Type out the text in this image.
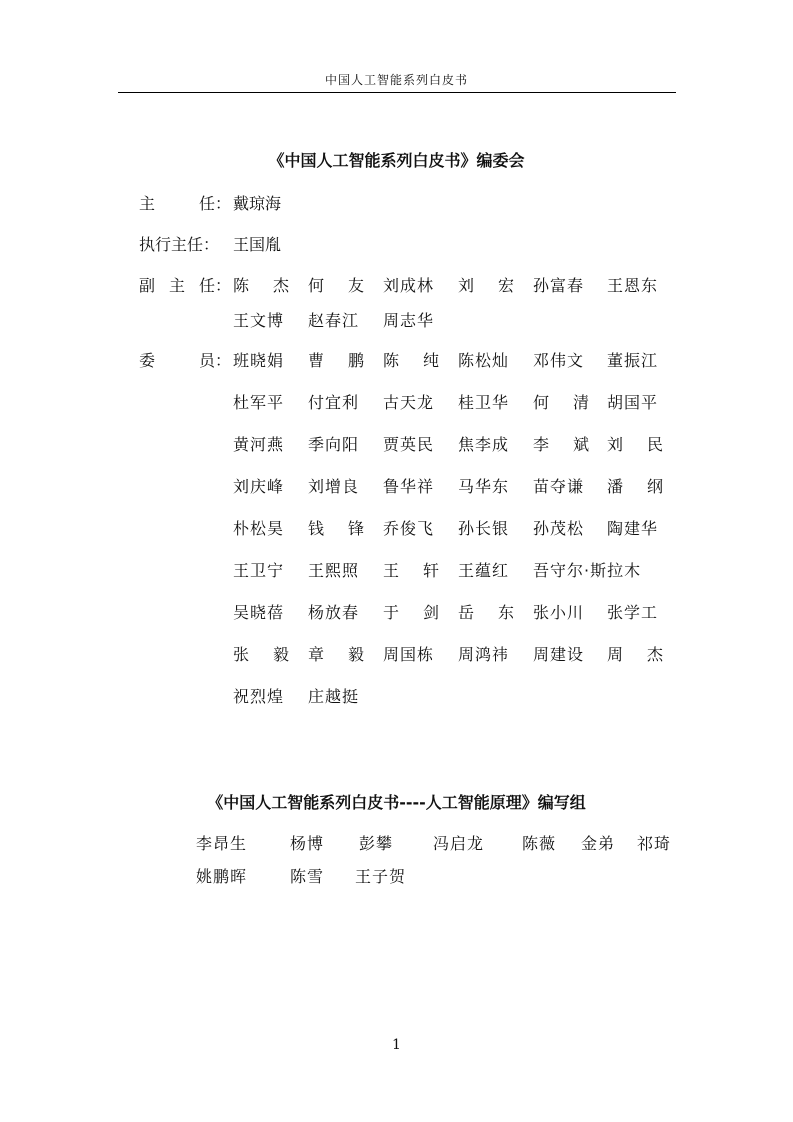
中国人工智能系列白皮书
《中国人工智能系列白皮书》编委会
主	任： 戴琼海
执行主任： 王国胤
副 主 任： 陈 杰 何 友 刘成林 刘 宏 孙富春 王恩东
王文博 赵春江 周志华
委	员： 班晓娟 曹 鹏 陈 纯 陈松灿 邓伟文 董振江
杜军平 付宜利 古天龙 桂卫华 何 清 胡国平
黄河燕 季向阳 贾英民 焦李成 李 斌 刘 民
刘庆峰 刘增良 鲁华祥 马华东 苗夺谦 潘 纲
朴松昊 钱 锋 乔俊飞 孙长银 孙茂松 陶建华
王卫宁 王熙照 王 轩 王蕴红 吾守尔·斯拉木
吴晓蓓 杨放春 于 剑 岳 东 张小川 张学工
张 毅 章 毅 周国栋 周鸿祎 周建设 周 杰
祝烈煌 庄越挺
《中国人工智能系列白皮书----人工智能原理》编写组
李昂生	杨博 彭攀 冯启龙 陈薇 金弟 祁琦
姚鹏晖	陈雪 王子贺
1
